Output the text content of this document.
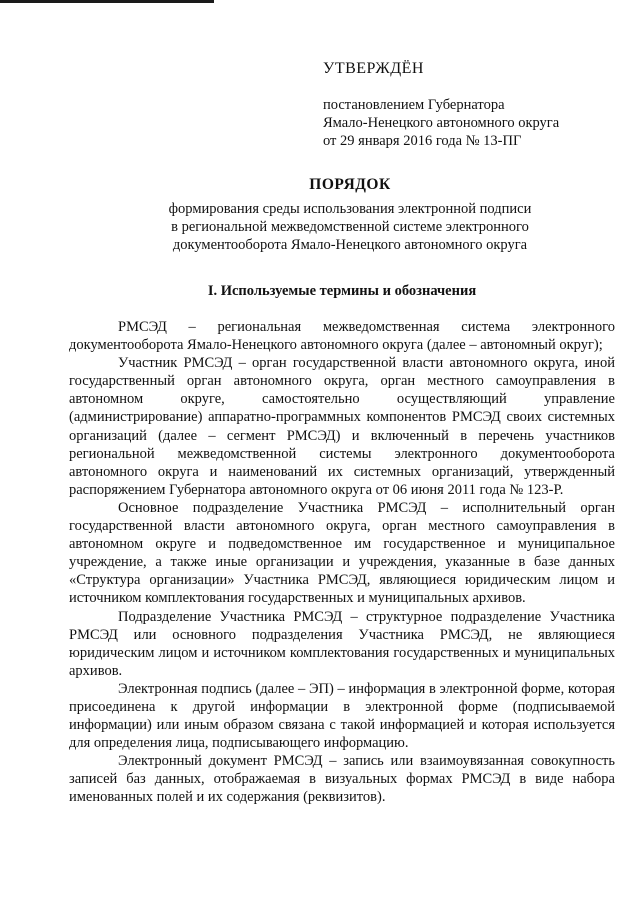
УТВЕРЖДЁН
постановлением Губернатора
Ямало-Ненецкого автономного округа
от 29 января 2016 года № 13-ПГ
ПОРЯДОК
формирования среды использования электронной подписи
в региональной межведомственной системе электронного
документооборота Ямало-Ненецкого автономного округа
I. Используемые термины и обозначения

РМСЭД – региональная межведомственная система электронного документооборота Ямало-Ненецкого автономного округа (далее – автономный округ);

Участник РМСЭД – орган государственной власти автономного округа, иной государственный орган автономного округа, орган местного самоуправления в автономном округе, самостоятельно осуществляющий управление (администрирование) аппаратно-программных компонентов РМСЭД своих системных организаций (далее – сегмент РМСЭД) и включенный в перечень участников региональной межведомственной системы электронного документооборота автономного округа и наименований их системных организаций, утвержденный распоряжением Губернатора автономного округа от 06 июня 2011 года № 123-Р.

Основное подразделение Участника РМСЭД – исполнительный орган государственной власти автономного округа, орган местного самоуправления в автономном округе и подведомственное им государственное и муниципальное учреждение, а также иные организации и учреждения, указанные в базе данных «Структура организации» Участника РМСЭД, являющиеся юридическим лицом и источником комплектования государственных и муниципальных архивов.

Подразделение Участника РМСЭД – структурное подразделение Участника РМСЭД или основного подразделения Участника РМСЭД, не являющиеся юридическим лицом и источником комплектования государственных и муниципальных архивов.

Электронная подпись (далее – ЭП) – информация в электронной форме, которая присоединена к другой информации в электронной форме (подписываемой информации) или иным образом связана с такой информацией и которая используется для определения лица, подписывающего информацию.

Электронный документ РМСЭД – запись или взаимоувязанная совокупность записей баз данных, отображаемая в визуальных формах РМСЭД в виде набора именованных полей и их содержания (реквизитов).
